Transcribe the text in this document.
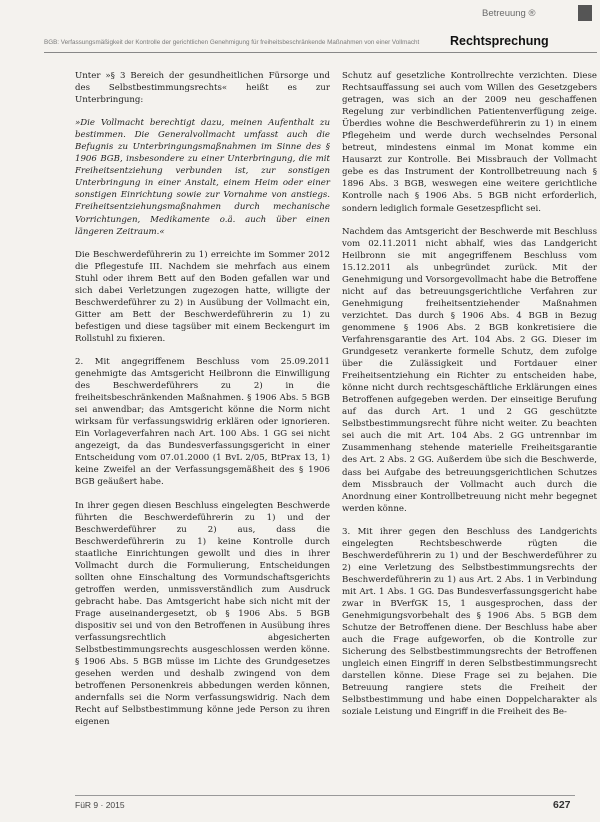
Betreuung ®
BGB: Verfassungsmäßigkeit der Kontrolle der gerichtlichen Genehmigung für freiheitsbeschränkende Maßnahmen von einer Vollmacht	Rechtsprechung

Unter »§ 3 Bereich der gesundheitlichen Fürsorge und des Selbstbestimmungsrechts« heißt es zur Unterbringung:

»Die Vollmacht berechtigt dazu, meinen Aufenthalt zu bestimmen. Die Generalvollmacht umfasst auch die Befugnis zu Unterbringungsmaßnahmen im Sinne des § 1906 BGB, insbesondere zu einer Unterbringung, die mit Freiheitsentziehung verbunden ist, zur sonstigen Unterbringung in einer Anstalt, einem Heim oder einer sonstigen Einrichtung sowie zur Vornahme von anstiegs. Freiheitsentziehungsmaßnahmen durch mechanische Vorrichtungen, Medikamente o.ä. auch über einen längeren Zeitraum.«

Die Beschwerdeführerin zu 1) erreichte im Sommer 2012 die Pflegestufe III. Nachdem sie mehrfach aus einem Stuhl oder ihrem Bett auf den Boden gefallen war und sich dabei Verletzungen zugezogen hatte, willigte der Beschwerdeführer zu 2) in Ausübung der Vollmacht ein, Gitter am Bett der Beschwerdeführerin zu 1) zu befestigen und diese tagsüber mit einem Beckengurt im Rollstuhl zu fixieren.

2. Mit angegriffenem Beschluss vom 25.09.2011 genehmigte das Amtsgericht Heilbronn die Einwilligung des Beschwerdeführers zu 2) in die freiheitsbeschränkenden Maßnahmen. § 1906 Abs. 5 BGB sei anwendbar; das Amtsgericht könne die Norm nicht wirksam für verfassungswidrig erklären oder ignorieren. Ein Vorlageverfahren nach Art. 100 Abs. 1 GG sei nicht angezeigt, da das Bundesverfassungsgericht in einer Entscheidung vom 07.01.2000 (1 BvL 2/05, BtPrax 13, 1) keine Zweifel an der Verfassungsgemäßheit des § 1906 BGB geäußert habe.

In ihrer gegen diesen Beschluss eingelegten Beschwerde führten die Beschwerdeführerin zu 1) und der Beschwerdeführer zu 2) aus, dass die Beschwerdeführerin zu 1) keine Kontrolle durch staatliche Einrichtungen gewollt und dies in ihrer Vollmacht durch die Formulierung, Entscheidungen sollten ohne Einschaltung des Vormundschaftsgerichts getroffen werden, unmissverständlich zum Ausdruck gebracht habe. Das Amtsgericht habe sich nicht mit der Frage auseinandergesetzt, ob § 1906 Abs. 5 BGB dispositiv sei und von den Betroffenen in Ausübung ihres verfassungsrechtlich abgesicherten Selbstbestimmungsrechts ausgeschlossen werden könne. § 1906 Abs. 5 BGB müsse im Lichte des Grundgesetzes gesehen werden und deshalb zwingend von dem betroffenen Personenkreis abbedungen werden können, andernfalls sei die Norm verfassungswidrig. Nach dem Recht auf Selbstbestimmung könne jede Person zu ihren eigenen

Schutz auf gesetzliche Kontrollrechte verzichten. Diese Rechtsauffassung sei auch vom Willen des Gesetzgebers getragen, was sich an der 2009 neu geschaffenen Regelung zur verbindlichen Patientenverfügung zeige. Überdies wohne die Beschwerdeführerin zu 1) in einem Pflegeheim und werde durch wechselndes Personal betreut, mindestens einmal im Monat komme ein Hausarzt zur Kontrolle. Bei Missbrauch der Vollmacht gebe es das Instrument der Kontrollbetreuung nach § 1896 Abs. 3 BGB, weswegen eine weitere gerichtliche Kontrolle nach § 1906 Abs. 5 BGB nicht erforderlich, sondern lediglich formale Gesetzespflicht sei.

Nachdem das Amtsgericht der Beschwerde mit Beschluss vom 02.11.2011 nicht abhalf, wies das Landgericht Heilbronn sie mit angegriffenem Beschluss vom 15.12.2011 als unbegründet zurück. Mit der Genehmigung und Vorsorgevollmacht habe die Betroffene nicht auf das betreuungsgerichtliche Verfahren zur Genehmigung freiheitsentziehender Maßnahmen verzichtet. Das durch § 1906 Abs. 4 BGB in Bezug genommene § 1906 Abs. 2 BGB konkretisiere die Verfahrensgarantie des Art. 104 Abs. 2 GG. Dieser im Grundgesetz verankerte formelle Schutz, dem zufolge über die Zulässigkeit und Fortdauer einer Freiheitsentziehung ein Richter zu entscheiden habe, könne nicht durch rechtsgeschäftliche Erklärungen eines Betroffenen aufgegeben werden. Der einseitige Berufung auf das durch Art. 1 und 2 GG geschützte Selbstbestimmungsrecht führe nicht weiter. Zu beachten sei auch die mit Art. 104 Abs. 2 GG untrennbar im Zusammenhang stehende materielle Freiheitsgarantie des Art. 2 Abs. 2 GG. Außerdem übe sich die Beschwerde, dass bei Aufgabe des betreuungsgerichtlichen Schutzes dem Missbrauch der Vollmacht auch durch die Anordnung einer Kontrollbetreuung nicht mehr begegnet werden könne.

3. Mit ihrer gegen den Beschluss des Landgerichts eingelegten Rechtsbeschwerde rügten die Beschwerdeführerin zu 1) und der Beschwerdeführer zu 2) eine Verletzung des Selbstbestimmungsrechts der Beschwerdeführerin zu 1) aus Art. 2 Abs. 1 in Verbindung mit Art. 1 Abs. 1 GG. Das Bundesverfassungsgericht habe zwar in BVerfGK 15, 1 ausgesprochen, dass der Genehmigungsvorbehalt des § 1906 Abs. 5 BGB dem Schutze der Betroffenen diene. Der Beschluss habe aber auch die Frage aufgeworfen, ob die Kontrolle zur Sicherung des Selbstbestimmungsrechts der Betroffenen ungleich einen Eingriff in deren Selbstbestimmungsrecht darstellen könne. Diese Frage sei zu bejahen. Die Betreuung rangiere stets die Freiheit der Selbstbestimmung und habe einen Doppelcharakter als soziale Leistung und Eingriff in die Freiheit des Be-

FüR 9 · 2015	627
